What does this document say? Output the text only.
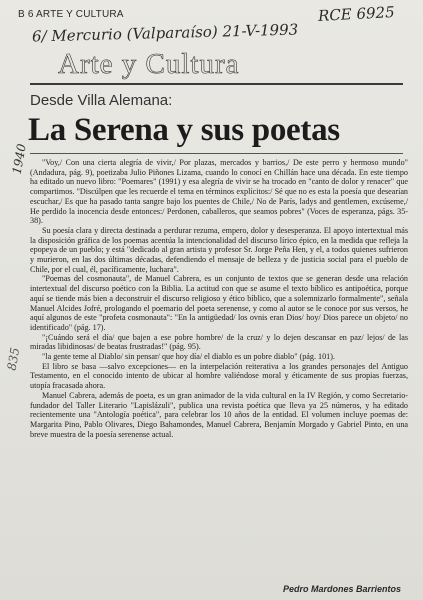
B 6 ARTE Y CULTURA	RCE 6925
6/ Mercurio (Valparaíso) 21-V-1993
1940
835
Arte y Cultura
Desde Villa Alemana:
La Serena y sus poetas

"Voy,/ Con una cierta alegría de vivir,/ Por plazas, mercados y barrios,/ De este perro y hermoso mundo" (Andadura, pág. 9), poetizaba Julio Piñones Lizama, cuando lo conocí en Chillán hace una década. En este tiempo ha editado un nuevo libro: "Poemares" (1991) y esa alegría de vivir se ha trocado en "canto de dolor y renacer" que compartimos. "Discúlpen que les recuerde el tema en términos explícitos:/ Sé que no es esta la poesía que desearían escuchar,/ Es que ha pasado tanta sangre bajo los puentes de Chile,/ No de París, ladys and gentlemen, excúseme,/ He perdido la inocencia desde entonces:/ Perdonen, caballeros, que seamos pobres" (Voces de esperanza, págs. 35-38).

Su poesía clara y directa destinada a perdurar rezuma, empero, dolor y desesperanza. El apoyo intertextual más la disposición gráfica de los poemas acentúa la intencionalidad del discurso lírico épico, en la medida que refleja la epopeya de un pueblo; y está "dedicado al gran artista y profesor Sr. Jorge Peña Hen, y el, a todos quienes sufrieron y murieron, en las dos últimas décadas, defendiendo el mensaje de belleza y de justicia social para el pueblo de Chile, por el cual, él, pacíficamente, luchara".

"Poemas del cosmonauta", de Manuel Cabrera, es un conjunto de textos que se generan desde una relación intertextual del discurso poético con la Biblia. La actitud con que se asume el texto bíblico es antipoética, porque aquí se tiende más bien a deconstruir el discurso religioso y ético bíblico, que a solemnizarlo formalmente", señala Manuel Alcides Jofré, prologando el poemario del poeta serenense, y como al autor se le conoce por sus versos, he aquí algunos de este "profeta cosmonauta": "En la antigüedad/ los ovnis eran Dios/ hoy/ Dios parece un objeto/ no identificado" (pág. 17).

"¡Cuándo será el día/ que bajen a ese pobre hombre/ de la cruz/ y lo dejen descansar en paz/ lejos/ de las miradas libidinosas/ de beatas frustradas!" (pág. 95).

"la gente teme al Diablo/ sin pensar/ que hoy día/ el diablo es un pobre diablo" (pág. 101).

El libro se basa —salvo excepciones— en la interpelación reiterativa a los grandes personajes del Antiguo Testamento, en el conocido intento de ubicar al hombre valiéndose moral y éticamente de sus propias fuerzas, utopía fracasada ahora.

Manuel Cabrera, además de poeta, es un gran animador de la vida cultural en la IV Región, y como Secretario-fundador del Taller Literario "Lapislázuli", publica una revista poética que lleva ya 25 números, y ha editado recientemente una "Antología poética", para celebrar los 10 años de la entidad. El volumen incluye poemas de: Margarita Pino, Pablo Olivares, Diego Bahamondes, Manuel Cabrera, Benjamín Morgado y Gabriel Pinto, en una breve muestra de la poesía serenense actual.

Pedro Mardones Barrientos
